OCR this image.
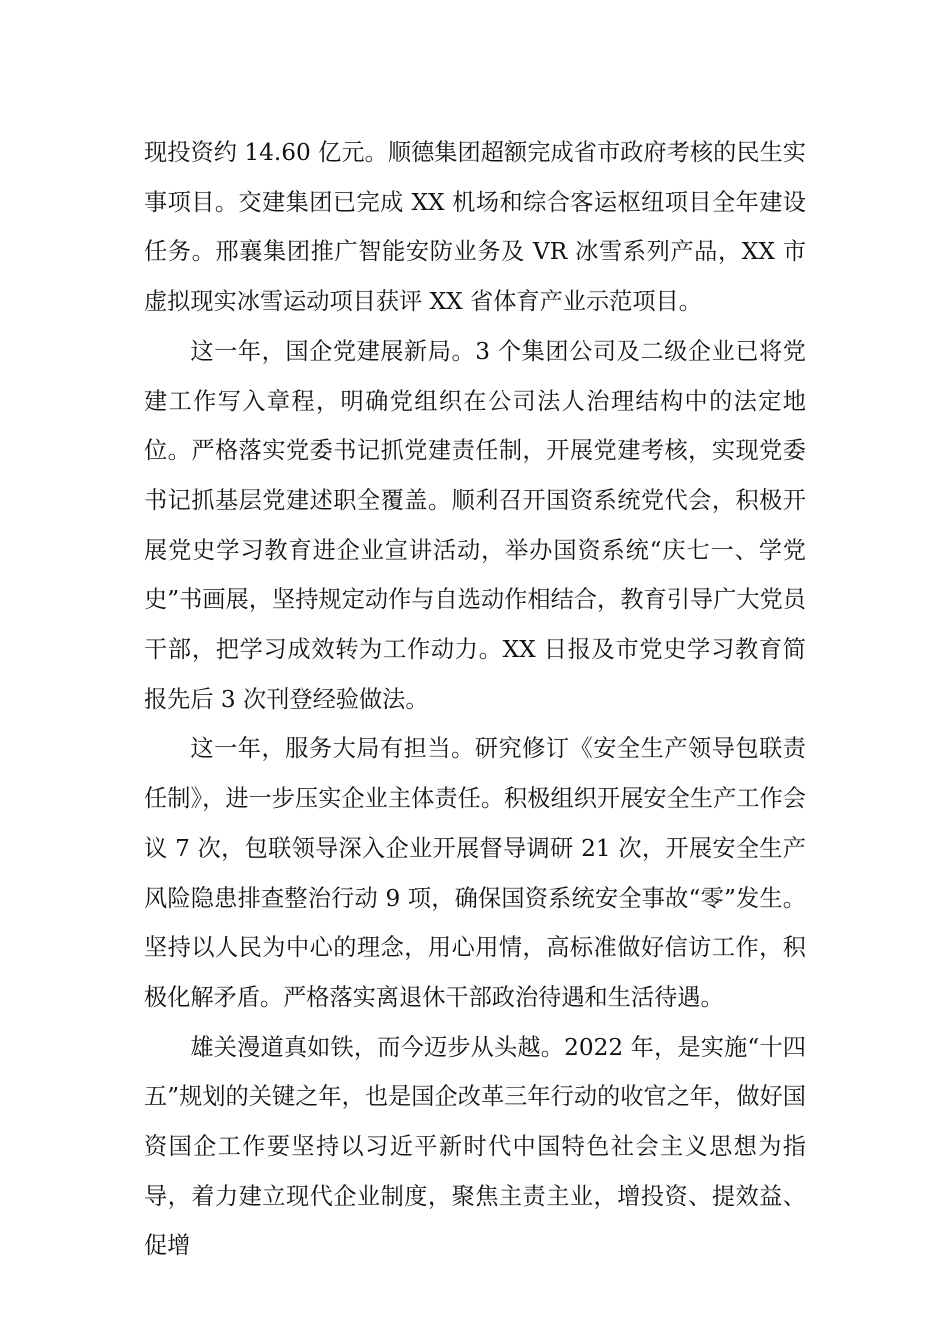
现投资约 14.60 亿元。顺德集团超额完成省市政府考核的民生实事项目。交建集团已完成 XX 机场和综合客运枢纽项目全年建设任务。邢襄集团推广智能安防业务及 VR 冰雪系列产品，XX 市虚拟现实冰雪运动项目获评 XX 省体育产业示范项目。

这一年，国企党建展新局。3 个集团公司及二级企业已将党建工作写入章程，明确党组织在公司法人治理结构中的法定地位。严格落实党委书记抓党建责任制，开展党建考核，实现党委书记抓基层党建述职全覆盖。顺利召开国资系统党代会，积极开展党史学习教育进企业宣讲活动，举办国资系统“庆七一、学党史”书画展，坚持规定动作与自选动作相结合，教育引导广大党员干部，把学习成效转为工作动力。XX 日报及市党史学习教育简报先后 3 次刊登经验做法。

这一年，服务大局有担当。研究修订《安全生产领导包联责任制》，进一步压实企业主体责任。积极组织开展安全生产工作会议 7 次，包联领导深入企业开展督导调研 21 次，开展安全生产风险隐患排查整治行动 9 项，确保国资系统安全事故“零”发生。坚持以人民为中心的理念，用心用情，高标准做好信访工作，积极化解矛盾。严格落实离退休干部政治待遇和生活待遇。

雄关漫道真如铁，而今迈步从头越。2022 年，是实施“十四五”规划的关键之年，也是国企改革三年行动的收官之年，做好国资国企工作要坚持以习近平新时代中国特色社会主义思想为指导，着力建立现代企业制度，聚焦主责主业，增投资、提效益、促增
